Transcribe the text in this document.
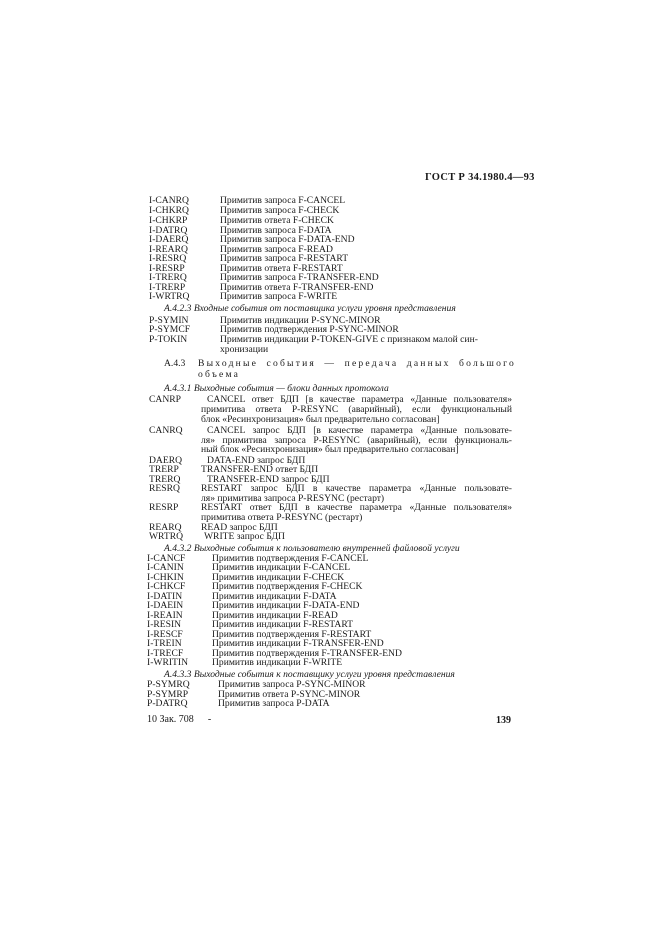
ГОСТ Р 34.1980.4—93
I-CANRQ	Примитив запроса F-CANCEL
I-CHKRQ	Примитив запроса F-CHECK
I-CHKRP	Примитив ответа F-CHECK
I-DATRQ	Примитив запроса F-DATA
I-DAERQ	Примитив запроса F-DATA-END
I-REARQ	Примитив запроса F-READ
I-RESRQ	Примитив запроса F-RESTART
I-RESRP	Примитив ответа F-RESTART
I-TRERQ	Примитив запроса F-TRANSFER-END
I-TRERP	Примитив ответа F-TRANSFER-END
I-WRTRQ	Примитив запроса F-WRITE
А.4.2.3 Входные события от поставщика услуги уровня представления
P-SYMIN	Примитив индикации P-SYNC-MINOR
P-SYMCF	Примитив подтверждения P-SYNC-MINOR
P-TOKIN	Примитив индикации P-TOKEN-GIVE с признаком малой син-
хронизации
А.4.3 Выходные события — передача данных большого
объема
А.4.3.1 Выходные события — блоки данных протокола
CANRP	CANCEL ответ БДП [в качестве параметра «Данные пользователя»
примитива ответа P-RESYNC (аварийный), если функциональный
блок «Ресинхронизация» был предварительно согласован]
CANRQ	CANCEL запрос БДП [в качестве параметра «Данные пользовате-
ля» примитива запроса P-RESYNC (аварийный), если функциональ-
ный блок «Ресинхронизация» был предварительно согласован]
DAERQ	DATA-END запрос БДП
TRERP TRANSFER-END ответ БДП
TRERQ	TRANSFER-END запрос БДП
RESRQ RESTART запрос БДП в качестве параметра «Данные пользовате-
ля» примитива запроса P-RESYNC (рестарт)
RESRP RESTART ответ БДП в качестве параметра «Данные пользователя»
примитива ответа P-RESYNC (рестарт)
REARQ READ запрос БДП
WRTRQ WRITE запрос БДП
А.4.3.2 Выходные события к пользователю внутренней файловой услуги
I-CANCF	Примитив подтверждения F-CANCEL
I-CANIN	Примитив индикации F-CANCEL
I-CHKIN	Примитив индикации F-CHECK
I-CHKCF	Примитив подтверждения F-CHECK
I-DATIN	Примитив индикации F-DATA
I-DAEIN	Примитив индикации F-DATA-END
I-REAIN	Примитив индикации F-READ
I-RESIN	Примитив индикации F-RESTART
I-RESCF	Примитив подтверждения F-RESTART
I-TREIN	Примитив индикации F-TRANSFER-END
I-TRECF	Примитив подтверждения F-TRANSFER-END
I-WRITIN Примитив индикации F-WRITE
А.4.3.3 Выходные события к поставщику услуги уровня представления
P-SYMRQ	Примитив запроса P-SYNC-MINOR
P-SYMRP	Примитив ответа P-SYNC-MINOR
P-DATRQ	Примитив запроса P-DATA
10 Зак. 708 -	139
